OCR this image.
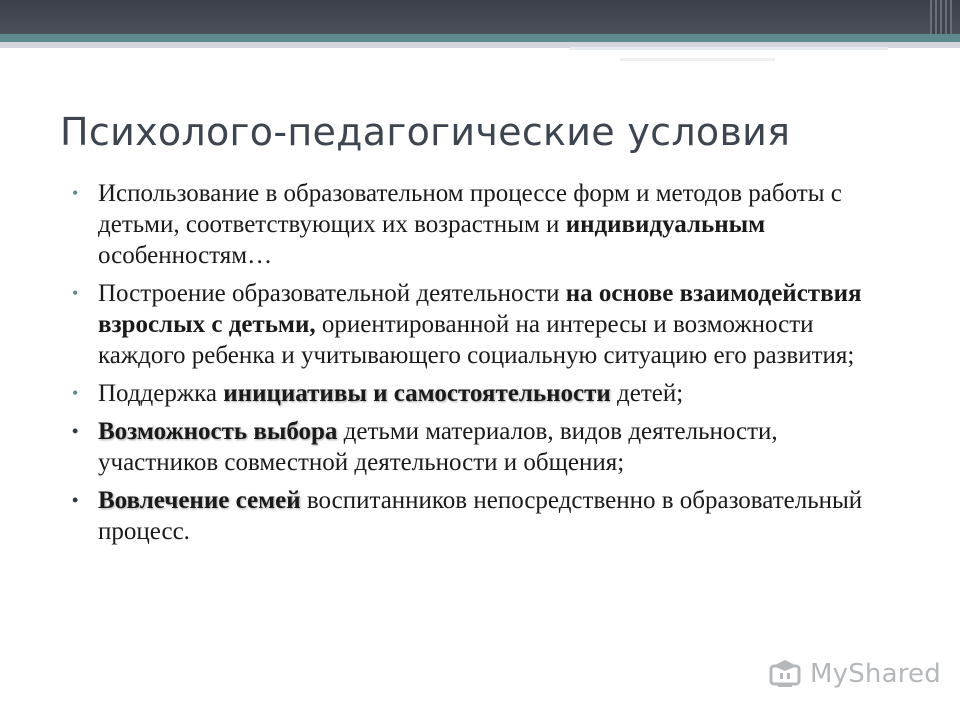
Психолого-педагогические условия
• Использование в образовательном процессе форм и методов работы с детьми, соответствующих их возрастным и индивидуальным особенностям…
• Построение образовательной деятельности на основе взаимодействия взрослых с детьми, ориентированной на интересы и возможности каждого ребенка и учитывающего социальную ситуацию его развития;
• Поддержка инициативы и самостоятельности детей;
• Возможность выбора детьми материалов, видов деятельности, участников совместной деятельности и общения;
• Вовлечение семей воспитанников непосредственно в образовательный процесс.
MyShared
